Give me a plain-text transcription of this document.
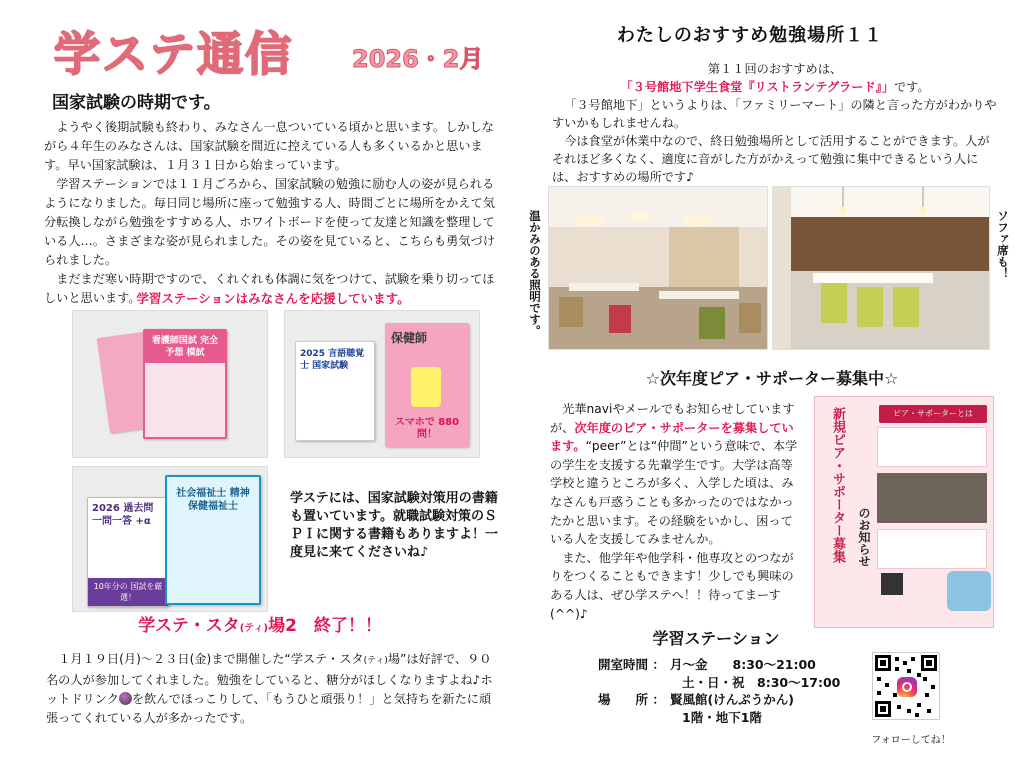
学ステ通信 2026・2月
国家試験の時期です。

ようやく後期試験も終わり、みなさん一息ついている頃かと思います。しかしながら４年生のみなさんは、国家試験を間近に控えている人も多くいるかと思います。早い国家試験は、１月３１日から始まっています。

学習ステーションでは１１月ごろから、国家試験の勉強に励む人の姿が見られるようになりました。毎日同じ場所に座って勉強する人、時間ごとに場所をかえて気分転換しながら勉強をすすめる人、ホワイトボードを使って友達と知識を整理している人…。さまざまな姿が見られました。その姿を見ていると、こちらも勇気づけられました。

まだまだ寒い時期ですので、くれぐれも体調に気をつけて、試験を乗り切ってほしいと思います。

学習ステーションはみなさんを応援しています。
看護師国試 完全予想 模試	2025 言語聴覚士 国家試験
保健師
スマホで 880問！
2026 過去問 一問一答 +α
10年分の 国試を厳選！
社会福祉士 精神保健福祉士
学ステには、国家試験対策用の書籍も置いています。就職試験対策のＳＰＩに関する書籍もありますよ！一度見に来てくださいね♪
学ステ・スタ(ティ)場2　終了！！

１月１９日(月)～２３日(金)まで開催した“学ステ・スタ(ティ)場”は好評で、９０名の人が参加してくれました。勉強をしていると、糖分がほしくなりますよね♪ホットドリンク を飲んでほっこりして、「もうひと頑張り！」と気持ちを新たに頑張ってくれている人が多かったです。

わたしのおすすめ勉強場所１１

第１１回のおすすめは、

「３号館地下学生食堂『リストランテグラード』」です。

「３号館地下」というよりは、「ファミリーマート」の隣と言った方がわかりやすいかもしれませんね。

今は食堂が休業中なので、終日勉強場所として活用することができます。人がそれほど多くなく、適度に音がした方がかえって勉強に集中できるという人には、おすすめの場所です♪

温かみのある照明です。	ソファ席も！
☆次年度ピア・サポーター募集中☆

光華naviやメールでもお知らせしていますが、次年度のピア・サポーターを募集しています。“peer”とは“仲間”という意味で、本学の学生を支援する先輩学生です。大学は高等学校と違うところが多く、入学した頃は、みなさんも戸惑うことも多かったのではなかったかと思います。その経験をいかし、困っている人を支援してみませんか。

また、他学年や他学科・他専攻とのつながりをつくることもできます！少しでも興味のある人は、ぜひ学ステへ！！待ってまーす(^^)♪

新規ピア・サポーター募集	のお知らせ
ピア・サポーターとは
学習ステーション
開室時間 ： 月～金　　8:30～21:00
土・日・祝　8:30～17:00
場　　所 ： 賢風館(けんぷうかん)
1階・地下1階
フォローしてね！
